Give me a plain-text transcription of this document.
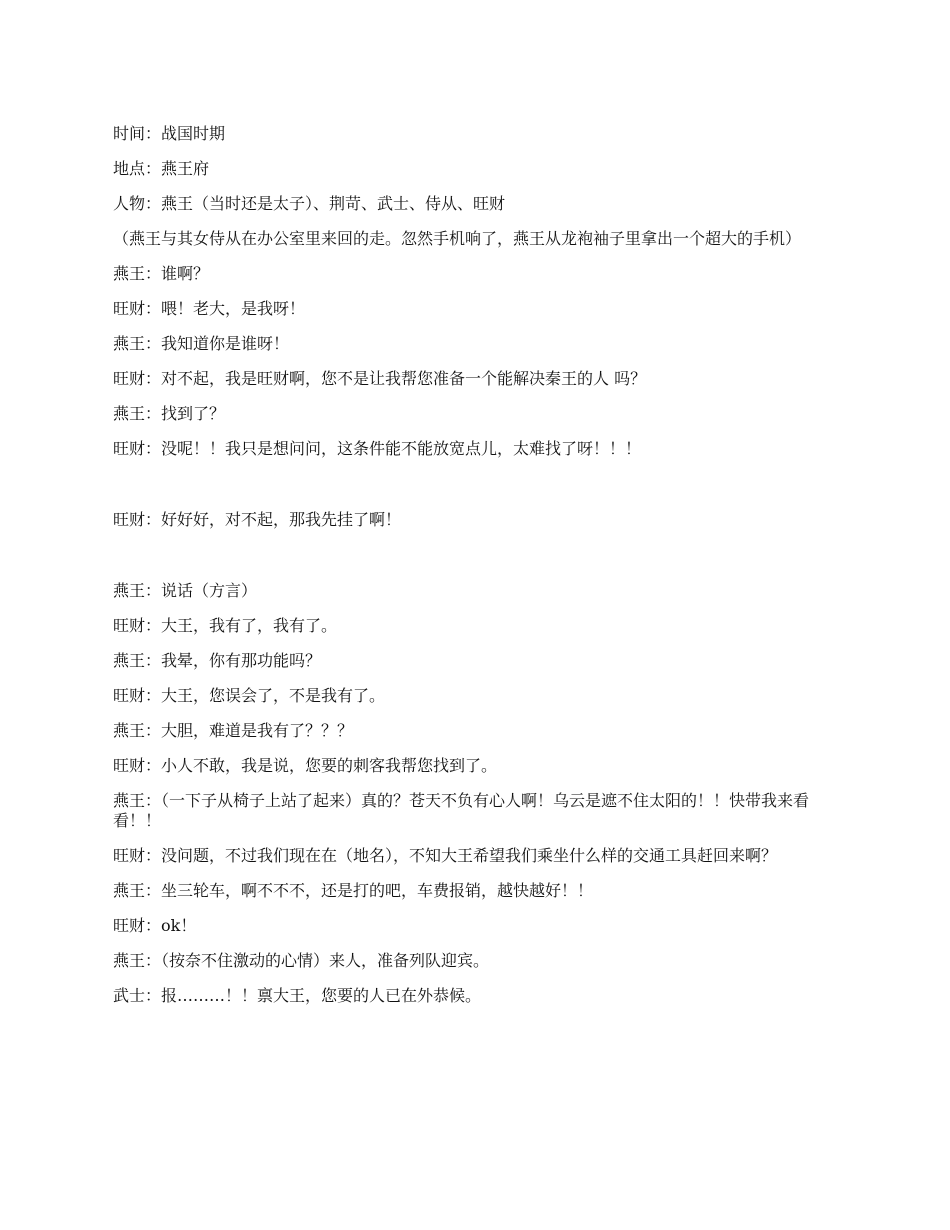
时间：战国时期

地点：燕王府

人物：燕王（当时还是太子）、荆苛、武士、侍从、旺财

（燕王与其女侍从在办公室里来回的走。忽然手机响了，燕王从龙袍袖子里拿出一个超大的手机）

燕王：谁啊？

旺财：喂！老大，是我呀！

燕王：我知道你是谁呀！

旺财：对不起，我是旺财啊，您不是让我帮您准备一个能解决秦王的人 吗？

燕王：找到了？

旺财：没呢！！我只是想问问，这条件能不能放宽点儿，太难找了呀！！！

旺财：好好好，对不起，那我先挂了啊！

燕王：说话（方言）

旺财：大王，我有了，我有了。

燕王：我晕，你有那功能吗？

旺财：大王，您误会了，不是我有了。

燕王：大胆，难道是我有了？？？

旺财：小人不敢，我是说，您要的刺客我帮您找到了。

燕王：（一下子从椅子上站了起来）真的？苍天不负有心人啊！乌云是遮不住太阳的！！快带我来看看！！

旺财：没问题，不过我们现在在（地名），不知大王希望我们乘坐什么样的交通工具赶回来啊？

燕王：坐三轮车，啊不不不，还是打的吧，车费报销，越快越好！！

旺财：ok！

燕王：（按奈不住激动的心情）来人，准备列队迎宾。

武士：报………！！禀大王，您要的人已在外恭候。
